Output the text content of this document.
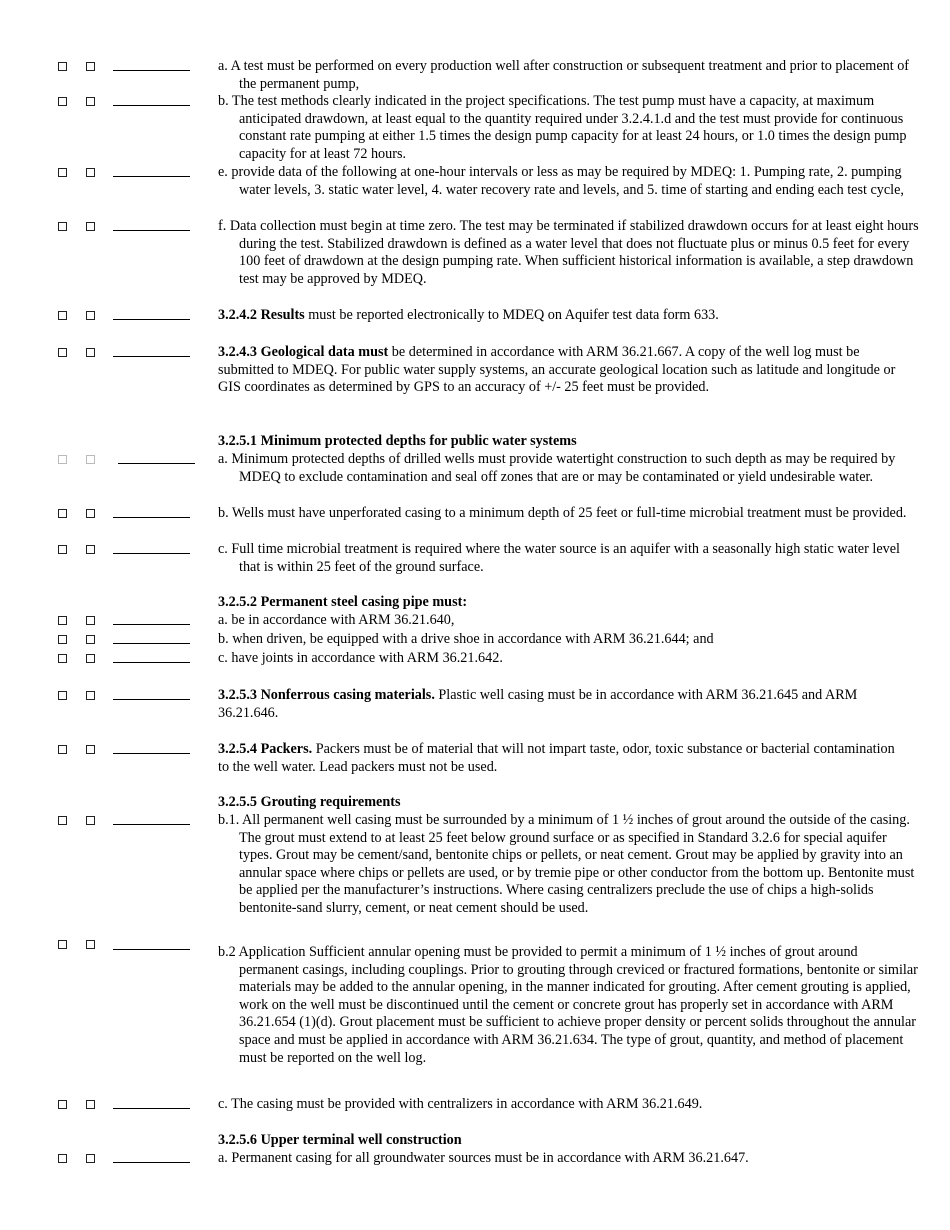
a. A test must be performed on every production well after construction or subsequent treatment and prior to placement of the permanent pump,

b. The test methods clearly indicated in the project specifications. The test pump must have a capacity, at maximum anticipated drawdown, at least equal to the quantity required under 3.2.4.1.d and the test must provide for continuous constant rate pumping at either 1.5 times the design pump capacity for at least 24 hours, or 1.0 times the design pump capacity for at least 72 hours.

e. provide data of the following at one-hour intervals or less as may be required by MDEQ: 1. Pumping rate, 2. pumping water levels, 3. static water level, 4. water recovery rate and levels, and 5. time of starting and ending each test cycle,

f. Data collection must begin at time zero. The test may be terminated if stabilized drawdown occurs for at least eight hours during the test. Stabilized drawdown is defined as a water level that does not fluctuate plus or minus 0.5 feet for every 100 feet of drawdown at the design pumping rate. When sufficient historical information is available, a step drawdown test may be approved by MDEQ.

3.2.4.2 Results must be reported electronically to MDEQ on Aquifer test data form 633.

3.2.4.3 Geological data must be determined in accordance with ARM 36.21.667. A copy of the well log must be submitted to MDEQ. For public water supply systems, an accurate geological location such as latitude and longitude or GIS coordinates as determined by GPS to an accuracy of +/- 25 feet must be provided.

3.2.5.1 Minimum protected depths for public water systems

a. Minimum protected depths of drilled wells must provide watertight construction to such depth as may be required by MDEQ to exclude contamination and seal off zones that are or may be contaminated or yield undesirable water.

b. Wells must have unperforated casing to a minimum depth of 25 feet or full-time microbial treatment must be provided.

c. Full time microbial treatment is required where the water source is an aquifer with a seasonally high static water level that is within 25 feet of the ground surface.

3.2.5.2 Permanent steel casing pipe must:

a. be in accordance with ARM 36.21.640,

b. when driven, be equipped with a drive shoe in accordance with ARM 36.21.644; and

c. have joints in accordance with ARM 36.21.642.

3.2.5.3 Nonferrous casing materials. Plastic well casing must be in accordance with ARM 36.21.645 and ARM 36.21.646.

3.2.5.4 Packers. Packers must be of material that will not impart taste, odor, toxic substance or bacterial contamination to the well water. Lead packers must not be used.

3.2.5.5 Grouting requirements

b.1. All permanent well casing must be surrounded by a minimum of 1 ½ inches of grout around the outside of the casing. The grout must extend to at least 25 feet below ground surface or as specified in Standard 3.2.6 for special aquifer types. Grout may be cement/sand, bentonite chips or pellets, or neat cement. Grout may be applied by gravity into an annular space where chips or pellets are used, or by tremie pipe or other conductor from the bottom up. Bentonite must be applied per the manufacturer’s instructions. Where casing centralizers preclude the use of chips a high-solids bentonite-sand slurry, cement, or neat cement should be used.

b.2 Application Sufficient annular opening must be provided to permit a minimum of 1 ½ inches of grout around permanent casings, including couplings. Prior to grouting through creviced or fractured formations, bentonite or similar materials may be added to the annular opening, in the manner indicated for grouting. After cement grouting is applied, work on the well must be discontinued until the cement or concrete grout has properly set in accordance with ARM 36.21.654 (1)(d). Grout placement must be sufficient to achieve proper density or percent solids throughout the annular space and must be applied in accordance with ARM 36.21.634. The type of grout, quantity, and method of placement must be reported on the well log.

c. The casing must be provided with centralizers in accordance with ARM 36.21.649.

3.2.5.6 Upper terminal well construction

a. Permanent casing for all groundwater sources must be in accordance with ARM 36.21.647.
